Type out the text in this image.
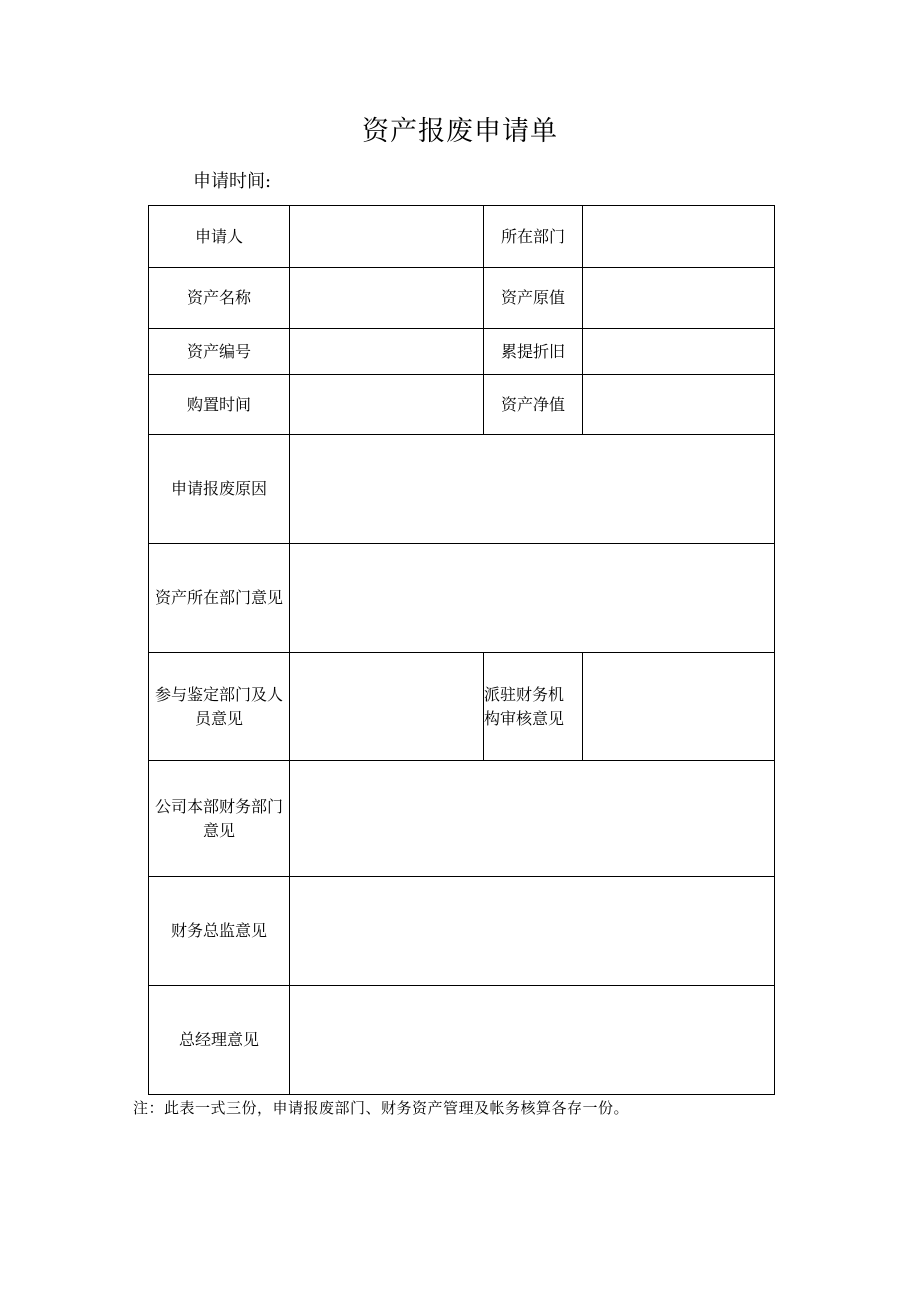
资产报废申请单
申请时间:
申请人		所在部门	
资产名称		资产原值	
资产编号		累提折旧	
购置时间		资产净值	
申请报废原因			
资产所在部门意见			

参与鉴定部门及人员意见		派驻财务机构审核意见	

公司本部财务部门意见			

财务总监意见			
总经理意见			
注：此表一式三份，申请报废部门、财务资产管理及帐务核算各存一份。
